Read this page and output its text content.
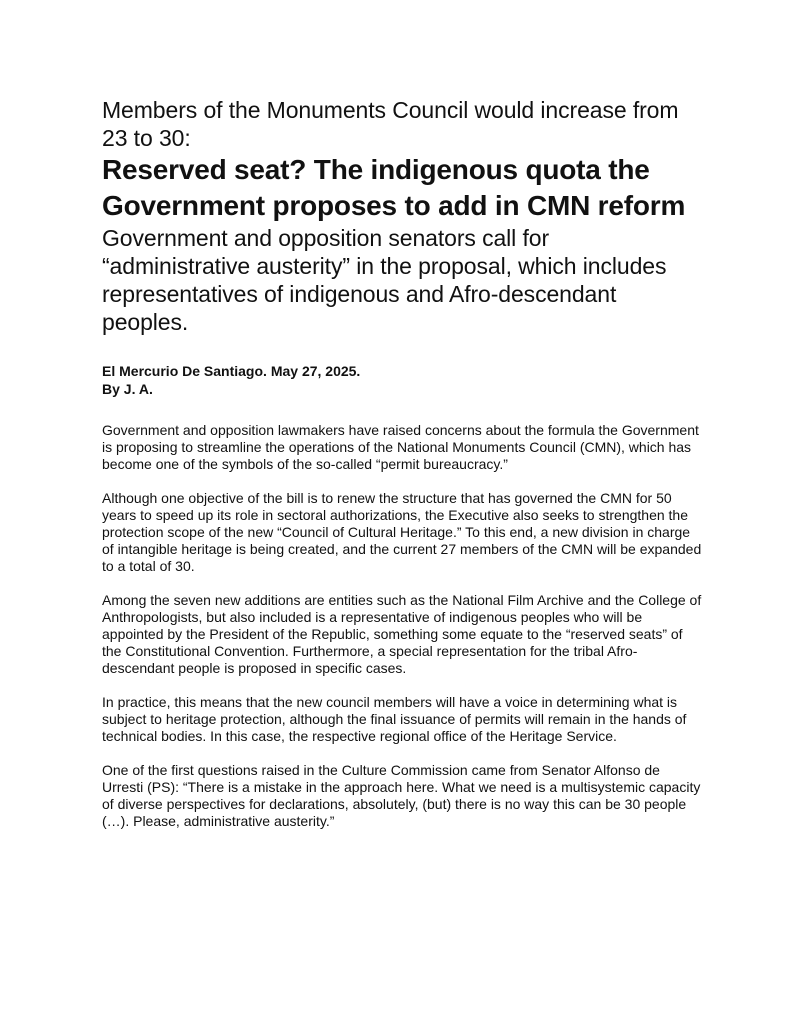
Members of the Monuments Council would increase from 23 to 30:
Reserved seat? The indigenous quota the Government proposes to add in CMN reform
Government and opposition senators call for “administrative austerity” in the proposal, which includes representatives of indigenous and Afro-descendant peoples.
El Mercurio De Santiago. May 27, 2025.
By J. A.

Government and opposition lawmakers have raised concerns about the formula the Government is proposing to streamline the operations of the National Monuments Council (CMN), which has become one of the symbols of the so-called “permit bureaucracy.”

Although one objective of the bill is to renew the structure that has governed the CMN for 50 years to speed up its role in sectoral authorizations, the Executive also seeks to strengthen the protection scope of the new “Council of Cultural Heritage.” To this end, a new division in charge of intangible heritage is being created, and the current 27 members of the CMN will be expanded to a total of 30.

Among the seven new additions are entities such as the National Film Archive and the College of Anthropologists, but also included is a representative of indigenous peoples who will be appointed by the President of the Republic, something some equate to the “reserved seats” of the Constitutional Convention. Furthermore, a special representation for the tribal Afro-descendant people is proposed in specific cases.

In practice, this means that the new council members will have a voice in determining what is subject to heritage protection, although the final issuance of permits will remain in the hands of technical bodies. In this case, the respective regional office of the Heritage Service.

One of the first questions raised in the Culture Commission came from Senator Alfonso de Urresti (PS): “There is a mistake in the approach here. What we need is a multisystemic capacity of diverse perspectives for declarations, absolutely, (but) there is no way this can be 30 people (…). Please, administrative austerity.”
